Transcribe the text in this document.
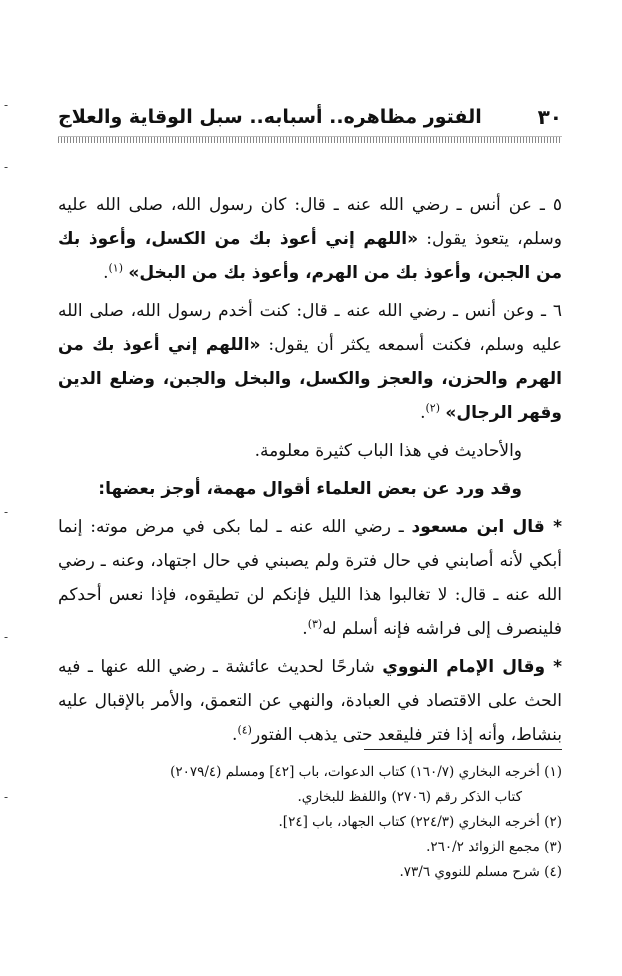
٣٠
الفتور مظاهره.. أسبابه.. سبل الوقاية والعلاج

٥ ـ عن أنس ـ رضي الله عنه ـ قال: كان رسول الله، صلى الله عليه وسلم، يتعوذ يقول: «اللهم إني أعوذ بك من الكسل، وأعوذ بك من الجبن، وأعوذ بك من الهرم، وأعوذ بك من البخل» $^{(١)}$.

٦ ـ وعن أنس ـ رضي الله عنه ـ قال: كنت أخدم رسول الله، صلى الله عليه وسلم، فكنت أسمعه يكثر أن يقول: «اللهم إني أعوذ بك من الهرم والحزن، والعجز والكسل، والبخل والجبن، وضلع الدين وقهر الرجال» $^{(٢)}$.

والأحاديث في هذا الباب كثيرة معلومة.

وقد ورد عن بعض العلماء أقوال مهمة، أوجز بعضها:

* قال ابن مسعود ـ رضي الله عنه ـ لما بكى في مرض موته: إنما أبكي لأنه أصابني في حال فترة ولم يصبني في حال اجتهاد، وعنه ـ رضي الله عنه ـ قال: لا تغالبوا هذا الليل فإنكم لن تطيقوه، فإذا نعس أحدكم فلينصرف إلى فراشه فإنه أسلم له$^{(٣)}$.

* وقال الإمام النووي شارحًا لحديث عائشة ـ رضي الله عنها ـ فيه الحث على الاقتصاد في العبادة، والنهي عن التعمق، والأمر بالإقبال عليه بنشاط، وأنه إذا فتر فليقعد حتى يذهب الفتور$^{(٤)}$.

(١) أخرجه البخاري (١٦٠/٧) كتاب الدعوات، باب [٤٢] ومسلم (٢٠٧٩/٤)

كتاب الذكر رقم (٢٧٠٦) واللفظ للبخاري.

(٢) أخرجه البخاري (٢٢٤/٣) كتاب الجهاد، باب [٢٤].

(٣) مجمع الزوائد ٢٦٠/٢.

(٤) شرح مسلم للنووي ٧٣/٦.

-
-
-
-
-
